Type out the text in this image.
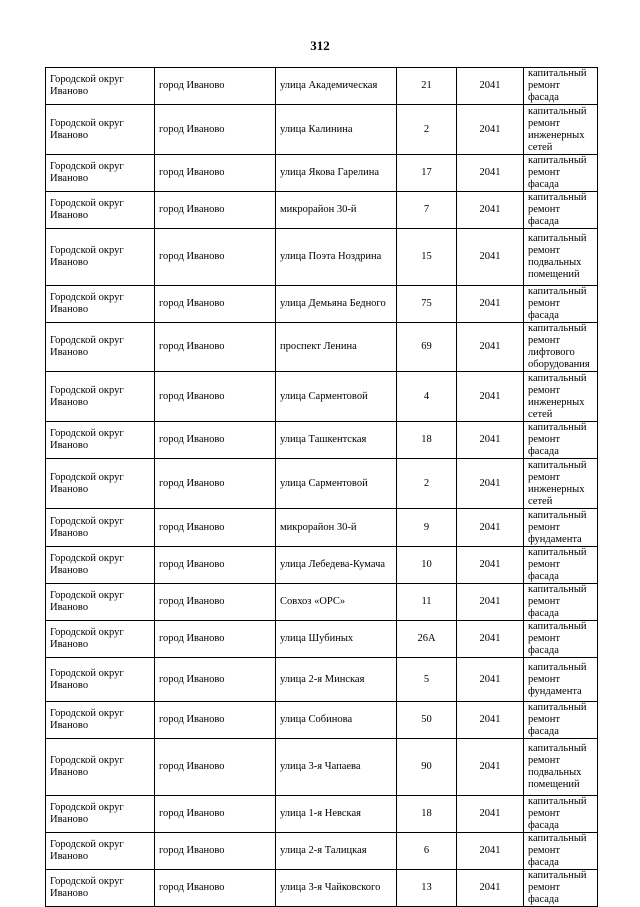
312
Городской округ Иваново	город Иваново	улица Академическая	21	2041	капитальный ремонт фасада
Городской округ Иваново	город Иваново	улица Калинина	2	2041	капитальный ремонт инженерных сетей
Городской округ Иваново	город Иваново	улица Якова Гарелина	17	2041	капитальный ремонт фасада
Городской округ Иваново	город Иваново	микрорайон 30-й	7	2041	капитальный ремонт фасада
Городской округ Иваново	город Иваново	улица Поэта Ноздрина	15	2041	капитальный ремонт подвальных помещений
Городской округ Иваново	город Иваново	улица Демьяна Бедного	75	2041	капитальный ремонт фасада
Городской округ Иваново	город Иваново	проспект Ленина	69	2041	капитальный ремонт лифтового оборудования
Городской округ Иваново	город Иваново	улица Сарментовой	4	2041	капитальный ремонт инженерных сетей
Городской округ Иваново	город Иваново	улица Ташкентская	18	2041	капитальный ремонт фасада
Городской округ Иваново	город Иваново	улица Сарментовой	2	2041	капитальный ремонт инженерных сетей
Городской округ Иваново	город Иваново	микрорайон 30-й	9	2041	капитальный ремонт фундамента
Городской округ Иваново	город Иваново	улица Лебедева-Кумача	10	2041	капитальный ремонт фасада
Городской округ Иваново	город Иваново	Совхоз «ОРС»	11	2041	капитальный ремонт фасада
Городской округ Иваново	город Иваново	улица Шубиных	26А	2041	капитальный ремонт фасада
Городской округ Иваново	город Иваново	улица 2-я Минская	5	2041	капитальный ремонт фундамента
Городской округ Иваново	город Иваново	улица Собинова	50	2041	капитальный ремонт фасада
Городской округ Иваново	город Иваново	улица 3-я Чапаева	90	2041	капитальный ремонт подвальных помещений
Городской округ Иваново	город Иваново	улица 1-я Невская	18	2041	капитальный ремонт фасада
Городской округ Иваново	город Иваново	улица 2-я Талицкая	6	2041	капитальный ремонт фасада
Городской округ Иваново	город Иваново	улица 3-я Чайковского	13	2041	капитальный ремонт фасада
